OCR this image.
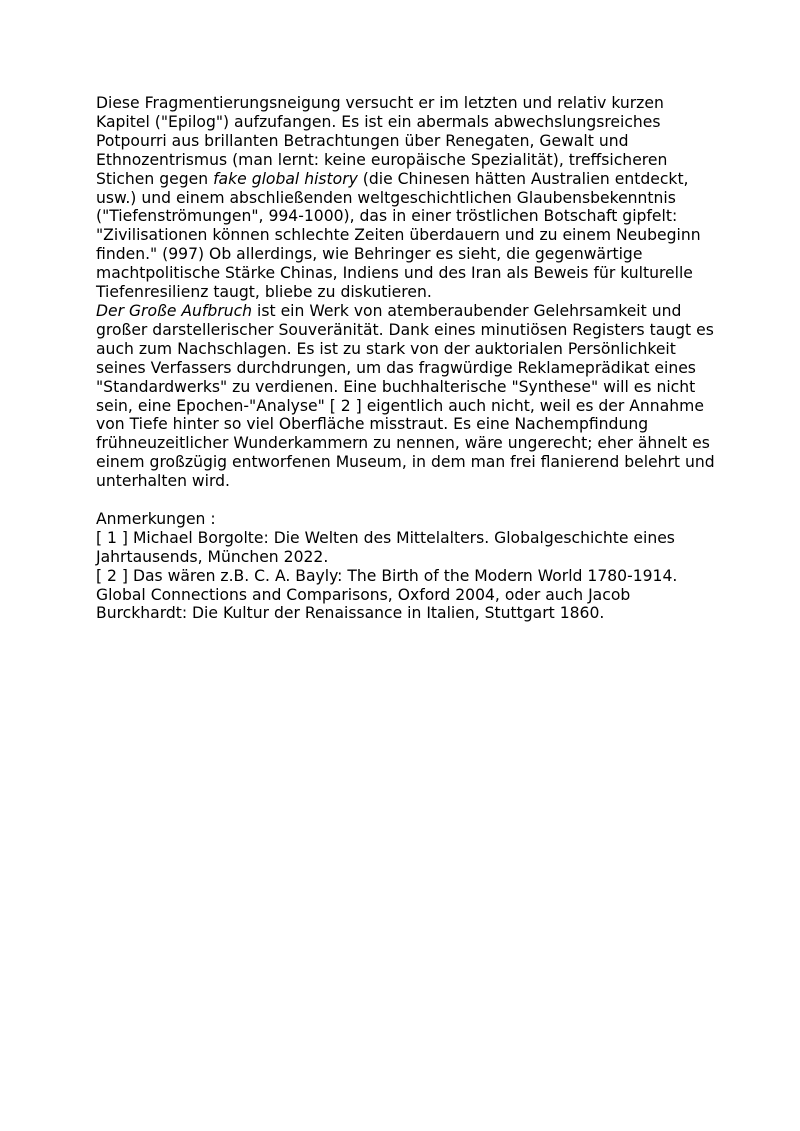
Diese Fragmentierungsneigung versucht er im letzten und relativ kurzen Kapitel ("Epilog") aufzufangen. Es ist ein abermals abwechslungsreiches Potpourri aus brillanten Betrachtungen über Renegaten, Gewalt und Ethnozentrismus (man lernt: keine europäische Spezialität), treffsicheren Stichen gegen fake global history (die Chinesen hätten Australien entdeckt, usw.) und einem abschließenden weltgeschichtlichen Glaubensbekenntnis ("Tiefenströmungen", 994-1000), das in einer tröstlichen Botschaft gipfelt: "Zivilisationen können schlechte Zeiten überdauern und zu einem Neubeginn finden." (997) Ob allerdings, wie Behringer es sieht, die gegenwärtige machtpolitische Stärke Chinas, Indiens und des Iran als Beweis für kulturelle Tiefenresilienz taugt, bliebe zu diskutieren.

Der Große Aufbruch ist ein Werk von atemberaubender Gelehrsamkeit und großer darstellerischer Souveränität. Dank eines minutiösen Registers taugt es auch zum Nachschlagen. Es ist zu stark von der auktorialen Persönlichkeit seines Verfassers durchdrungen, um das fragwürdige Reklameprädikat eines "Standardwerks" zu verdienen. Eine buchhalterische "Synthese" will es nicht sein, eine Epochen-"Analyse" [ 2 ] eigentlich auch nicht, weil es der Annahme von Tiefe hinter so viel Oberfläche misstraut. Es eine Nachempfindung frühneuzeitlicher Wunderkammern zu nennen, wäre ungerecht; eher ähnelt es einem großzügig entworfenen Museum, in dem man frei flanierend belehrt und unterhalten wird.

Anmerkungen :

[ 1 ] Michael Borgolte: Die Welten des Mittelalters. Globalgeschichte eines Jahrtausends, München 2022.

[ 2 ] Das wären z.B. C. A. Bayly: The Birth of the Modern World 1780-1914. Global Connections and Comparisons, Oxford 2004, oder auch Jacob Burckhardt: Die Kultur der Renaissance in Italien, Stuttgart 1860.
